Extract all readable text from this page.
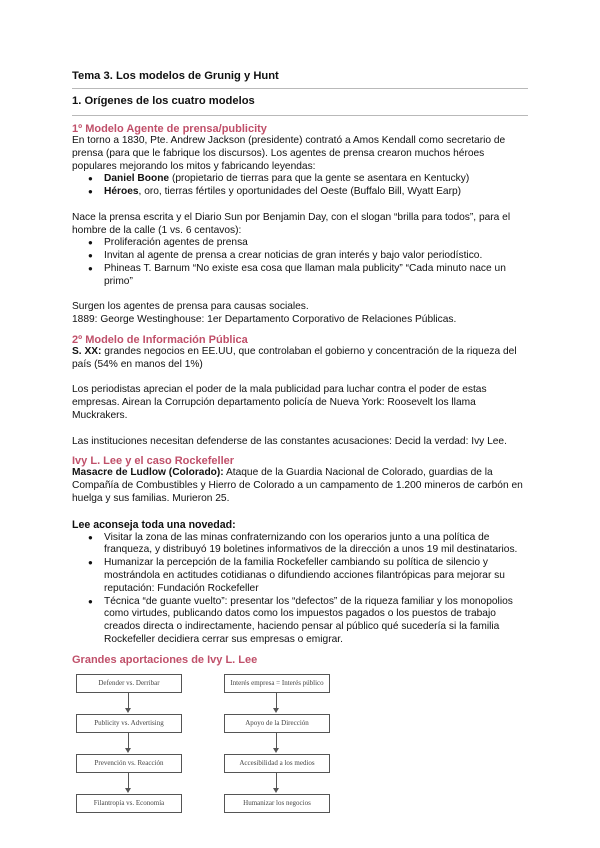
Tema 3. Los modelos de Grunig y Hunt
1. Orígenes de los cuatro modelos
1º Modelo Agente de prensa/publicity

En torno a 1830, Pte. Andrew Jackson (presidente) contrató a Amos Kendall como secretario de prensa (para que le fabrique los discursos). Los agentes de prensa crearon muchos héroes populares mejorando los mitos y fabricando leyendas:

● Daniel Boone (propietario de tierras para que la gente se asentara en Kentucky)
● Héroes, oro, tierras fértiles y oportunidades del Oeste (Buffalo Bill, Wyatt Earp)

Nace la prensa escrita y el Diario Sun por Benjamin Day, con el slogan “brilla para todos”, para el hombre de la calle (1 vs. 6 centavos):

● Proliferación agentes de prensa
● Invitan al agente de prensa a crear noticias de gran interés y bajo valor periodístico.
● Phineas T. Barnum “No existe esa cosa que llaman mala publicity” “Cada minuto nace un primo”

Surgen los agentes de prensa para causas sociales.

1889: George Westinghouse: 1er Departamento Corporativo de Relaciones Públicas.

2º Modelo de Información Pública

S. XX: grandes negocios en EE.UU, que controlaban el gobierno y concentración de la riqueza del país (54% en manos del 1%)

Los periodistas aprecian el poder de la mala publicidad para luchar contra el poder de estas empresas. Airean la Corrupción departamento policía de Nueva York: Roosevelt los llama Muckrakers.

Las instituciones necesitan defenderse de las constantes acusaciones: Decid la verdad: Ivy Lee.

Ivy L. Lee y el caso Rockefeller

Masacre de Ludlow (Colorado): Ataque de la Guardia Nacional de Colorado, guardias de la Compañía de Combustibles y Hierro de Colorado a un campamento de 1.200 mineros de carbón en huelga y sus familias. Murieron 25.

Lee aconseja toda una novedad:

● Visitar la zona de las minas confraternizando con los operarios junto a una política de franqueza, y distribuyó 19 boletines informativos de la dirección a unos 19 mil destinatarios.
● Humanizar la percepción de la familia Rockefeller cambiando su política de silencio y mostrándola en actitudes cotidianas o difundiendo acciones filantrópicas para mejorar su reputación: Fundación Rockefeller
● Técnica “de guante vuelto”: presentar los “defectos” de la riqueza familiar y los monopolios como virtudes, publicando datos como los impuestos pagados o los puestos de trabajo creados directa o indirectamente, haciendo pensar al público qué sucedería si la familia Rockefeller decidiera cerrar sus empresas o emigrar.
Grandes aportaciones de Ivy L. Lee
Defender vs. Derribar
Publicity vs. Advertising
Prevención vs. Reacción
Filantropía vs. Economía
Interés empresa = Interés público
Apoyo de la Dirección
Accesibilidad a los medios
Humanizar los negocios
